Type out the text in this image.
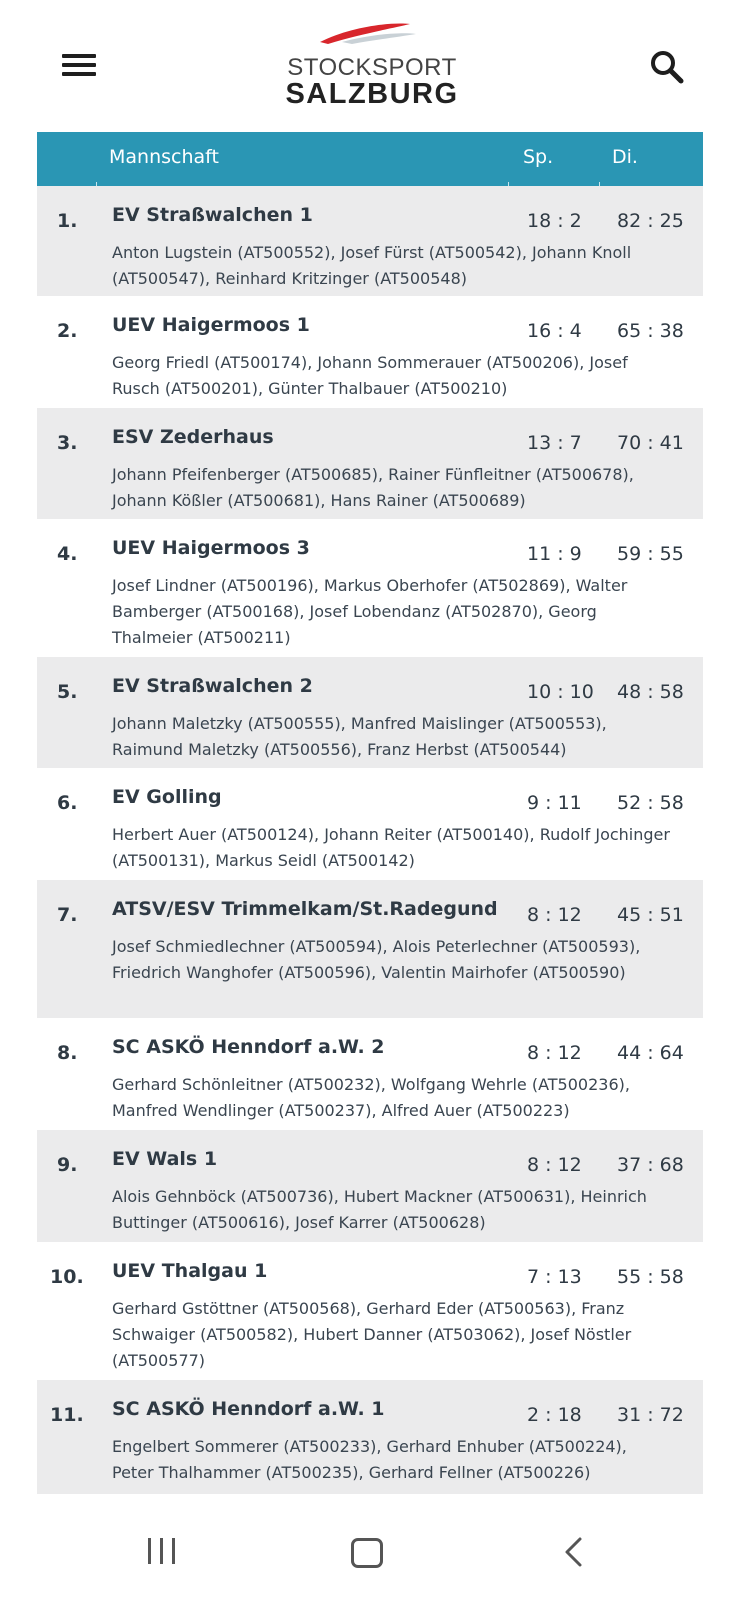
STOCKSPORT
SALZBURG
Mannschaft	Sp.	Di.
1.	EV Straßwalchen 1	18 : 2 82 : 25
Anton Lugstein (AT500552), Josef Fürst (AT500542), Johann Knoll (AT500547), Reinhard Kritzinger (AT500548)
2.	UEV Haigermoos 1	16 : 4 65 : 38
Georg Friedl (AT500174), Johann Sommerauer (AT500206), Josef Rusch (AT500201), Günter Thalbauer (AT500210)
3.	ESV Zederhaus	13 : 7 70 : 41
Johann Pfeifenberger (AT500685), Rainer Fünfleitner (AT500678), Johann Kößler (AT500681), Hans Rainer (AT500689)
4.	UEV Haigermoos 3	11 : 9 59 : 55
Josef Lindner (AT500196), Markus Oberhofer (AT502869), Walter Bamberger (AT500168), Josef Lobendanz (AT502870), Georg Thalmeier (AT500211)
5.	EV Straßwalchen 2	10 : 10 48 : 58
Johann Maletzky (AT500555), Manfred Maislinger (AT500553), Raimund Maletzky (AT500556), Franz Herbst (AT500544)
6.	EV Golling	9 : 11 52 : 58
Herbert Auer (AT500124), Johann Reiter (AT500140), Rudolf Jochinger (AT500131), Markus Seidl (AT500142)
7.	ATSV/ESV Trimmelkam/St.Radegund 8 : 12 45 : 51
Josef Schmiedlechner (AT500594), Alois Peterlechner (AT500593), Friedrich Wanghofer (AT500596), Valentin Mairhofer (AT500590)
8.	SC ASKÖ Henndorf a.W. 2	8 : 12 44 : 64
Gerhard Schönleitner (AT500232), Wolfgang Wehrle (AT500236), Manfred Wendlinger (AT500237), Alfred Auer (AT500223)
9.	EV Wals 1	8 : 12 37 : 68
Alois Gehnböck (AT500736), Hubert Mackner (AT500631), Heinrich Buttinger (AT500616), Josef Karrer (AT500628)
10.	UEV Thalgau 1	7 : 13 55 : 58
Gerhard Gstöttner (AT500568), Gerhard Eder (AT500563), Franz Schwaiger (AT500582), Hubert Danner (AT503062), Josef Nöstler (AT500577)
11.	SC ASKÖ Henndorf a.W. 1	2 : 18 31 : 72
Engelbert Sommerer (AT500233), Gerhard Enhuber (AT500224), Peter Thalhammer (AT500235), Gerhard Fellner (AT500226)
